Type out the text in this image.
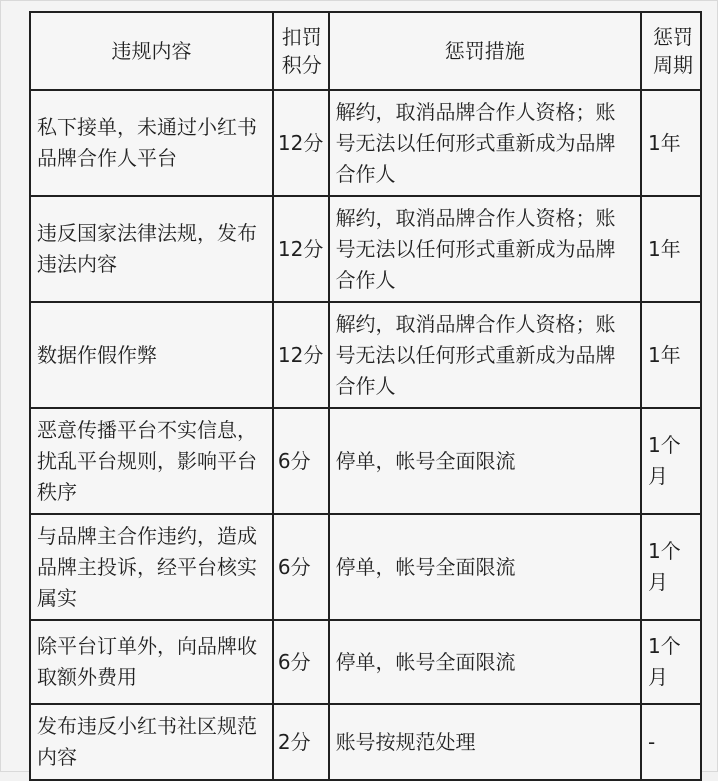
违规内容	扣罚积分	惩罚措施	惩罚周期
私下接单，未通过小红书品牌合作人平台	12分	解约，取消品牌合作人资格；账号无法以任何形式重新成为品牌合作人	1年
违反国家法律法规，发布违法内容	12分	解约，取消品牌合作人资格；账号无法以任何形式重新成为品牌合作人	1年
数据作假作弊	12分	解约，取消品牌合作人资格；账号无法以任何形式重新成为品牌合作人	1年
恶意传播平台不实信息，扰乱平台规则，影响平台秩序	6分	停单，帐号全面限流	1个月
与品牌主合作违约，造成品牌主投诉，经平台核实属实	6分	停单，帐号全面限流	1个月
除平台订单外，向品牌收取额外费用	6分	停单，帐号全面限流	1个月
发布违反小红书社区规范内容	2分	账号按规范处理	-
